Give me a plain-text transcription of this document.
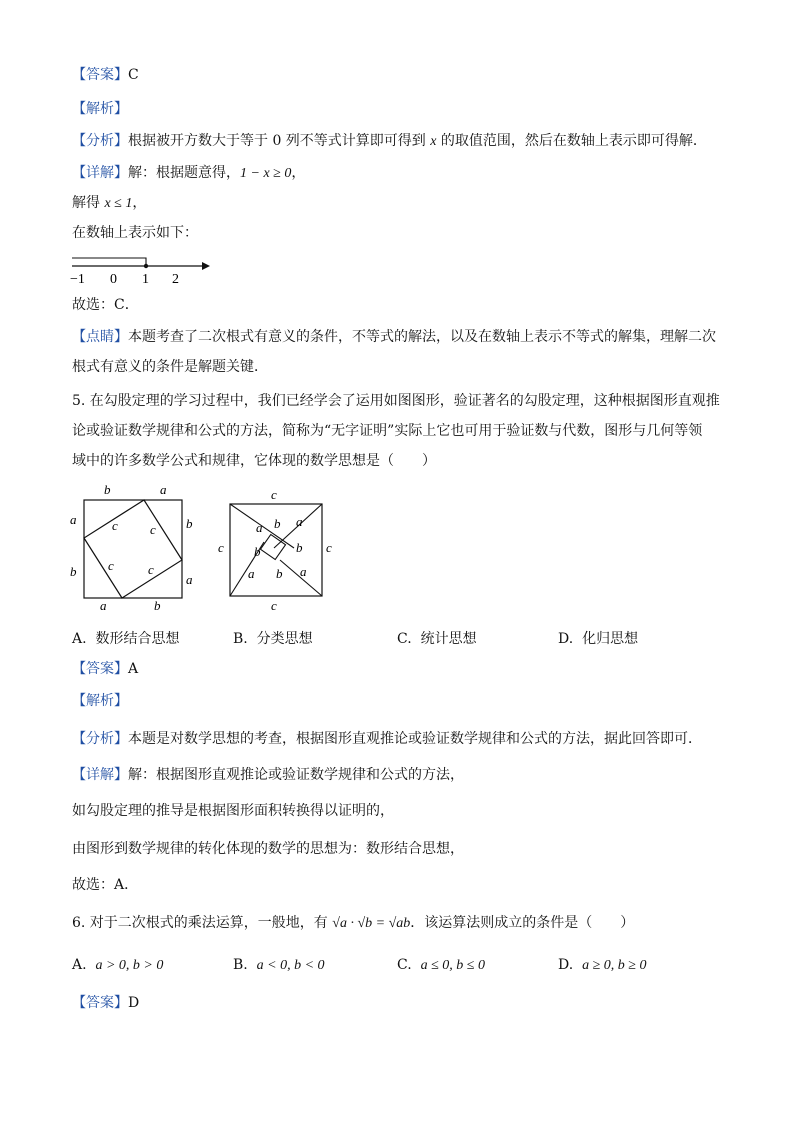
【答案】C
【解析】
【分析】根据被开方数大于等于 0 列不等式计算即可得到 x 的取值范围，然后在数轴上表示即可得解．
【详解】解：根据题意得，1 − x ≥ 0，
解得 x ≤ 1，
在数轴上表示如下：
−1 0 1 2
故选：C．
【点睛】本题考查了二次根式有意义的条件，不等式的解法，以及在数轴上表示不等式的解集，理解二次
根式有意义的条件是解题关键．
5. 在勾股定理的学习过程中，我们已经学会了运用如图图形，验证著名的勾股定理，这种根据图形直观推
论或验证数学规律和公式的方法，简称为“无字证明”实际上它也可用于验证数与代数，图形与几何等领
域中的许多数学公式和规律，它体现的数学思想是（　　）
b	a
a
b
b
a
a	b
c c
c	c
c
c
c	c
a b a
b	b
a b a
A. 数形结合思想	B. 分类思想	C. 统计思想	D. 化归思想
【答案】A
【解析】
【分析】本题是对数学思想的考查，根据图形直观推论或验证数学规律和公式的方法，据此回答即可．
【详解】解：根据图形直观推论或验证数学规律和公式的方法，
如勾股定理的推导是根据图形面积转换得以证明的，
由图形到数学规律的转化体现的数学的思想为：数形结合思想，
故选：A．
6. 对于二次根式的乘法运算，一般地，有 √a · √b = √ab．该运算法则成立的条件是（　　）
A. a > 0, b > 0	B. a < 0, b < 0	C. a ≤ 0, b ≤ 0	D. a ≥ 0, b ≥ 0
【答案】D
